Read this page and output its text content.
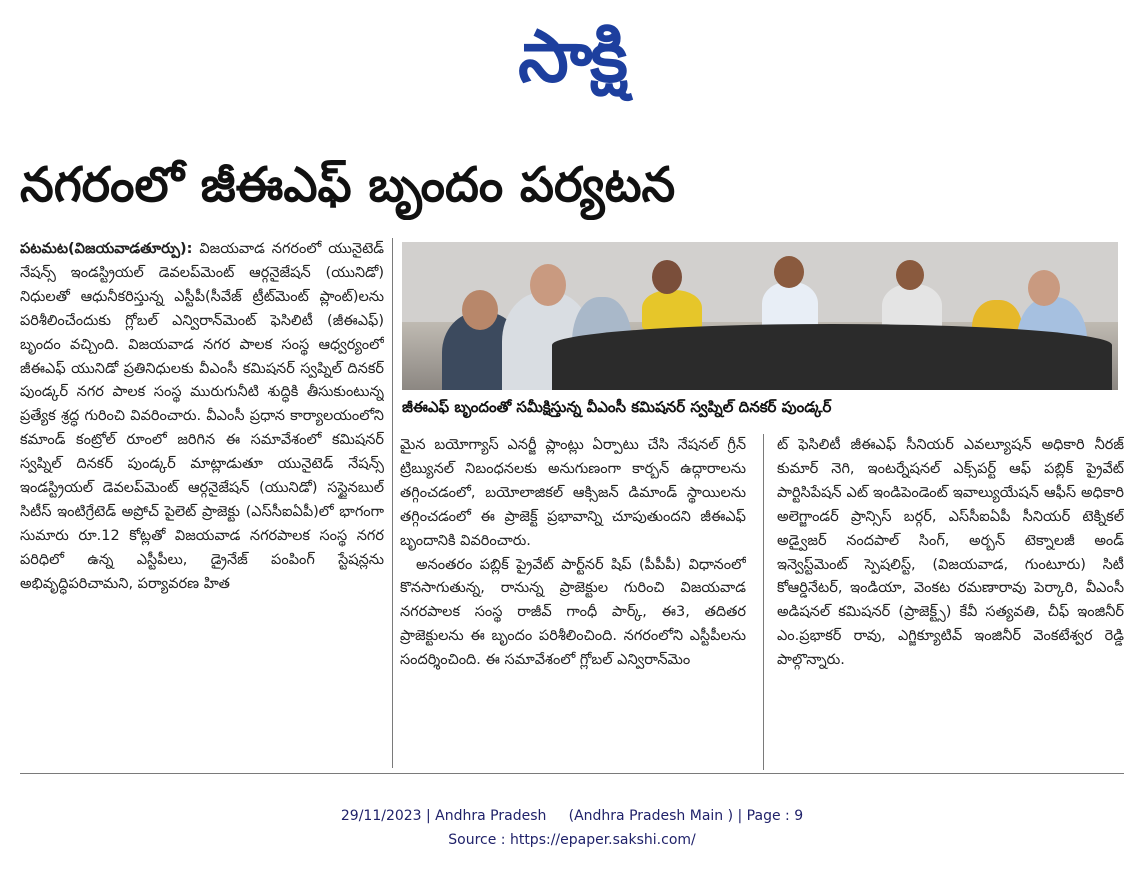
సాక్షి
నగరంలో జీఈఎఫ్ బృందం పర్యటన

పటమట(విజయవాడతూర్పు): విజయవాడ నగరంలో యునైటెడ్ నేషన్స్ ఇండస్ట్రియల్ డెవలప్‌మెంట్ ఆర్గనైజేషన్ (యునిడో) నిధులతో ఆధునీకరిస్తున్న ఎస్టీపీ(సీవేజ్ ట్రీట్‌మెంట్ ప్లాంట్)లను పరిశీలించేందుకు గ్లోబల్ ఎన్విరాన్‌మెంట్ ఫెసిలిటీ (జీఈఎఫ్) బృందం వచ్చింది. విజయవాడ నగర పాలక సంస్థ ఆధ్వర్యంలో జీఈఎఫ్ యునిడో ప్రతినిధులకు వీఎంసీ కమిషనర్ స్వప్నిల్ దినకర్ పుండ్కర్ నగర పాలక సంస్థ మురుగునీటి శుద్ధికి తీసుకుంటున్న ప్రత్యేక శ్రద్ధ గురించి వివరించారు. వీఎంసీ ప్రధాన కార్యాలయంలోని కమాండ్ కంట్రోల్ రూంలో జరిగిన ఈ సమావేశంలో కమిషనర్ స్వప్నిల్ దినకర్ పుండ్కర్ మాట్లాడుతూ యునైటెడ్ నేషన్స్ ఇండస్ట్రియల్ డెవలప్‌మెంట్ ఆర్గనైజేషన్ (యునిడో) సస్టైనబుల్ సిటీస్ ఇంటిగ్రేటెడ్ అప్రోచ్ పైలెట్ ప్రాజెక్టు (ఎస్‌సీఐఏపీ)లో భాగంగా సుమారు రూ.12 కోట్లతో విజయవాడ నగరపాలక సంస్థ నగర పరిధిలో ఉన్న ఎస్టీపీలు, డ్రైనేజ్ పంపింగ్ స్టేషన్లను అభివృద్ధిపరిచామని, పర్యావరణ హిత

జీఈఎఫ్ బృందంతో సమీక్షిస్తున్న వీఎంసీ కమిషనర్ స్వప్నిల్ దినకర్ పుండ్కర్

మైన బయోగ్యాస్ ఎనర్జీ ప్లాంట్లు ఏర్పాటు చేసి నేషనల్ గ్రీన్ ట్రిబ్యునల్ నిబంధనలకు అనుగుణంగా కార్బన్ ఉద్గారాలను తగ్గించడంలో, బయోలాజికల్ ఆక్సిజన్ డిమాండ్ స్థాయిలను తగ్గించడంలో ఈ ప్రాజెక్ట్ ప్రభావాన్ని చూపుతుందని జీఈఎఫ్ బృందానికి వివరించారు.

అనంతరం పబ్లిక్ ప్రైవేట్ పార్ట్‌నర్ షిప్ (పీపీపీ) విధానంలో కొనసాగుతున్న, రానున్న ప్రాజెక్టుల గురించి విజయవాడ నగరపాలక సంస్థ రాజీవ్ గాంధీ పార్క్, ఈ3, తదితర ప్రాజెక్టులను ఈ బృందం పరిశీలించింది. నగరంలోని ఎస్టీపీలను సందర్శించింది. ఈ సమావేశంలో గ్లోబల్ ఎన్విరాన్‌మెం

ట్ ఫెసిలిటీ జీఈఎఫ్ సీనియర్ ఎవల్యూషన్ అధికారి నీరజ్ కుమార్ నెగి, ఇంటర్నేషనల్ ఎక్స్‌పర్ట్ ఆఫ్ పబ్లిక్ ప్రైవేట్ పార్టిసిపేషన్ ఎట్ ఇండిపెండెంట్ ఇవాల్యుయేషన్ ఆఫీస్ అధికారి అలెగ్జాండర్ ప్రాన్సిస్ బర్గర్, ఎస్‌సీఐఏపీ సీనియర్ టెక్నికల్ అడ్వైజర్ నందపాల్ సింగ్, అర్బన్ టెక్నాలజీ అండ్ ఇన్వెస్ట్‌మెంట్ స్పెషలిస్ట్, (విజయవాడ, గుంటూరు) సిటీ కోఆర్డినేటర్, ఇండియా, వెంకట రమణారావు పెర్కారి, వీఎంసీ అడిషనల్ కమిషనర్ (ప్రాజెక్ట్స్) కేవీ సత్యవతి, చీఫ్ ఇంజినీర్ ఎం.ప్రభాకర్ రావు, ఎగ్జిక్యూటివ్ ఇంజినీర్ వెంకటేశ్వర రెడ్డి పాల్గొన్నారు.

29/11/2023 | Andhra Pradesh     (Andhra Pradesh Main ) | Page : 9
Source : https://epaper.sakshi.com/
